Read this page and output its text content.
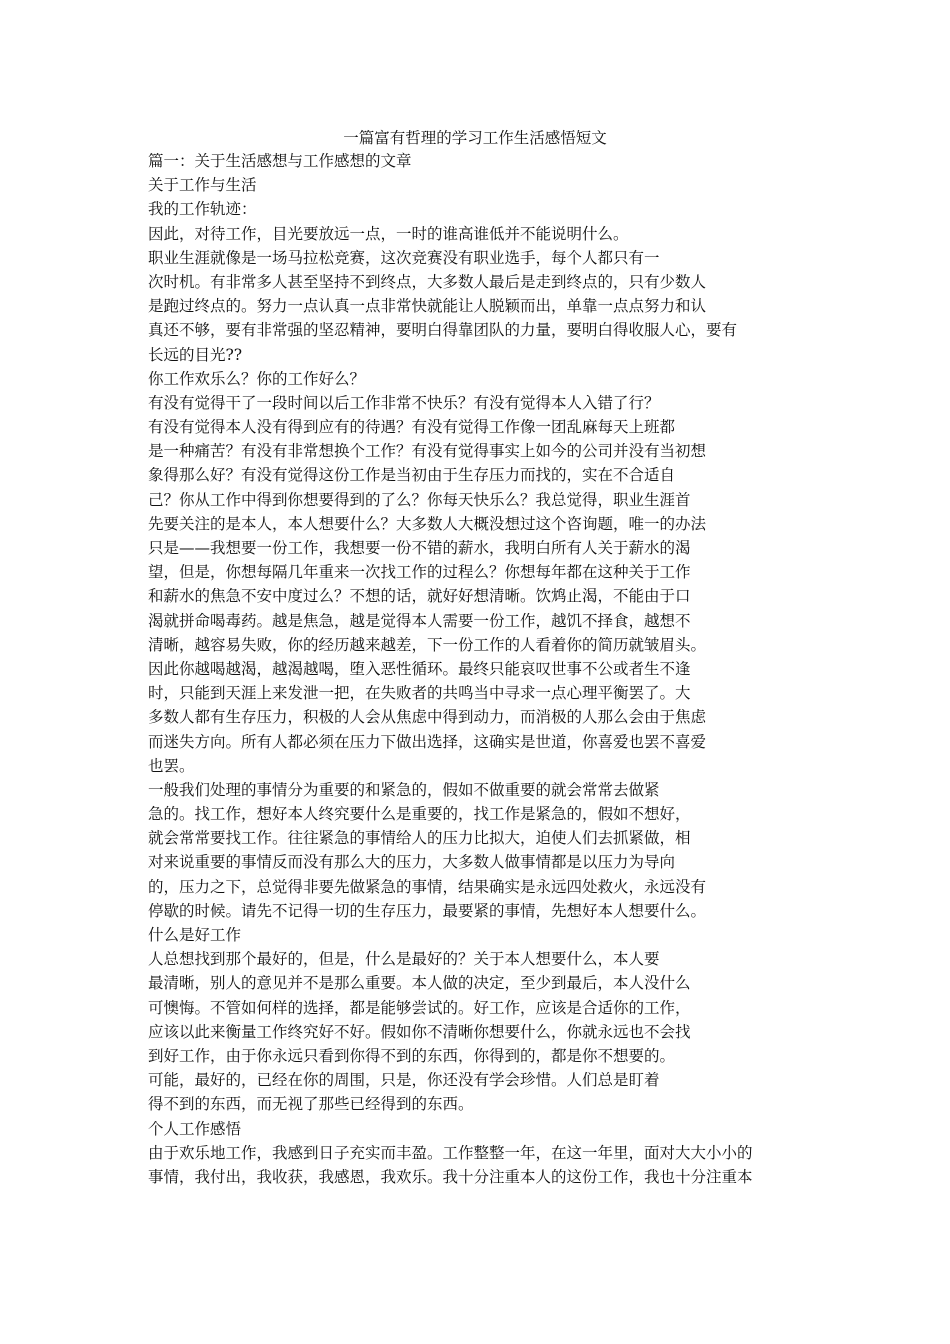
一篇富有哲理的学习工作生活感悟短文
篇一：关于生活感想与工作感想的文章
关于工作与生活
我的工作轨迹：
因此，对待工作，目光要放远一点，一时的谁高谁低并不能说明什么。
职业生涯就像是一场马拉松竞赛，这次竞赛没有职业选手，每个人都只有一
次时机。有非常多人甚至坚持不到终点，大多数人最后是走到终点的，只有少数人
是跑过终点的。努力一点认真一点非常快就能让人脱颖而出，单靠一点点努力和认
真还不够，要有非常强的坚忍精神，要明白得靠团队的力量，要明白得收服人心，要有
长远的目光??
你工作欢乐么？你的工作好么？
有没有觉得干了一段时间以后工作非常不快乐？有没有觉得本人入错了行？
有没有觉得本人没有得到应有的待遇？有没有觉得工作像一团乱麻每天上班都
是一种痛苦？有没有非常想换个工作？有没有觉得事实上如今的公司并没有当初想
象得那么好？有没有觉得这份工作是当初由于生存压力而找的，实在不合适自
己？你从工作中得到你想要得到的了么？你每天快乐么？我总觉得，职业生涯首
先要关注的是本人，本人想要什么？大多数人大概没想过这个咨询题，唯一的办法
只是——我想要一份工作，我想要一份不错的薪水，我明白所有人关于薪水的渴
望，但是，你想每隔几年重来一次找工作的过程么？你想每年都在这种关于工作
和薪水的焦急不安中度过么？不想的话，就好好想清晰。饮鸩止渴，不能由于口
渴就拼命喝毒药。越是焦急，越是觉得本人需要一份工作，越饥不择食，越想不
清晰，越容易失败，你的经历越来越差，下一份工作的人看着你的简历就皱眉头。
因此你越喝越渴，越渴越喝，堕入恶性循环。最终只能哀叹世事不公或者生不逢
时，只能到天涯上来发泄一把，在失败者的共鸣当中寻求一点心理平衡罢了。大
多数人都有生存压力，积极的人会从焦虑中得到动力，而消极的人那么会由于焦虑
而迷失方向。所有人都必须在压力下做出选择，这确实是世道，你喜爱也罢不喜爱
也罢。
一般我们处理的事情分为重要的和紧急的，假如不做重要的就会常常去做紧
急的。找工作，想好本人终究要什么是重要的，找工作是紧急的，假如不想好，
就会常常要找工作。往往紧急的事情给人的压力比拟大，迫使人们去抓紧做，相
对来说重要的事情反而没有那么大的压力，大多数人做事情都是以压力为导向
的，压力之下，总觉得非要先做紧急的事情，结果确实是永远四处救火，永远没有
停歇的时候。请先不记得一切的生存压力，最要紧的事情，先想好本人想要什么。
什么是好工作
人总想找到那个最好的，但是，什么是最好的？关于本人想要什么，本人要
最清晰，别人的意见并不是那么重要。本人做的决定，至少到最后，本人没什么
可懊悔。不管如何样的选择，都是能够尝试的。好工作，应该是合适你的工作，
应该以此来衡量工作终究好不好。假如你不清晰你想要什么，你就永远也不会找
到好工作，由于你永远只看到你得不到的东西，你得到的，都是你不想要的。
可能，最好的，已经在你的周围，只是，你还没有学会珍惜。人们总是盯着
得不到的东西，而无视了那些已经得到的东西。
个人工作感悟
由于欢乐地工作，我感到日子充实而丰盈。工作整整一年，在这一年里，面对大大小小的
事情，我付出，我收获，我感恩，我欢乐。我十分注重本人的这份工作，我也十分注重本
